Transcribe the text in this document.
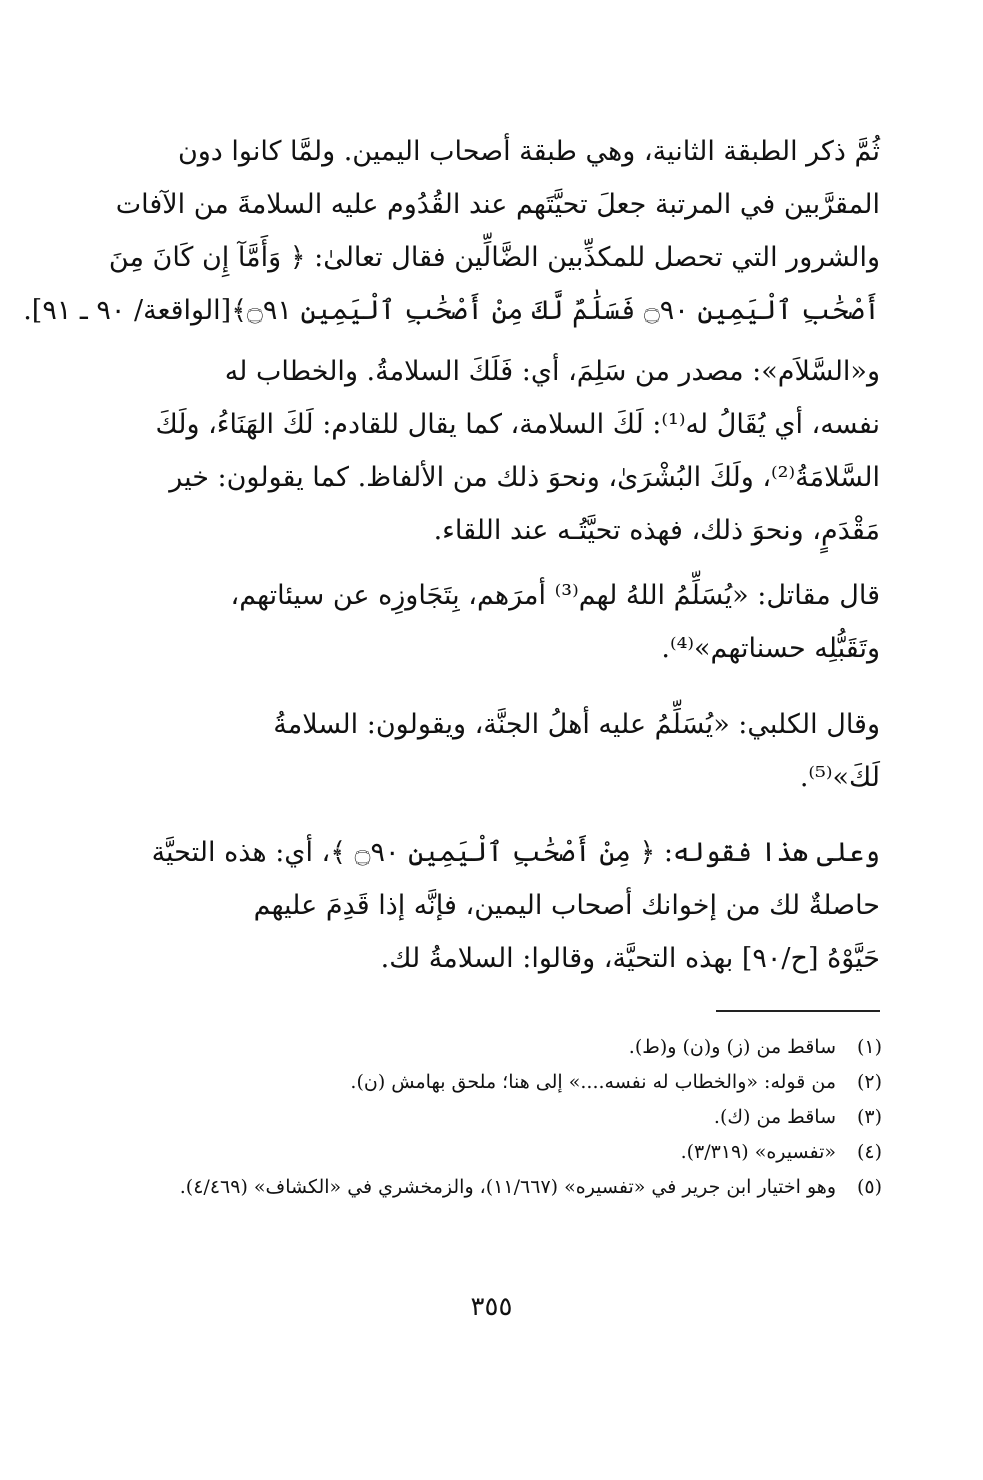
ثُمَّ ذكر الطبقة الثانية، وهي طبقة أصحاب اليمين. ولمَّا كانوا دون
المقرَّبين في المرتبة جعلَ تحيَّتَهم عند القُدُوم عليه السلامةَ من الآفات
والشرور التي تحصل للمكذِّبين الضَّالِّين فقال تعالىٰ: ﴿ وَأَمَّآ إِن كَانَ مِنَ
أَصْحَٰبِ ٱلْيَمِينِ ۝٩٠ فَسَلَٰمٌ لَّكَ مِنْ أَصْحَٰبِ ٱلْيَمِينِ ۝٩١﴾[الواقعة/ ٩٠ ـ ٩١].
و«السَّلاَم»: مصدر من سَلِمَ، أي: فَلَكَ السلامةُ. والخطاب له
نفسه، أي يُقَالُ له⁽¹⁾: لَكَ السلامة، كما يقال للقادم: لَكَ الهَنَاءُ، ولَكَ
السَّلامَةُ⁽²⁾، ولَكَ البُشْرَىٰ، ونحوَ ذلك من الألفاظ. كما يقولون: خير
مَقْدَمٍ، ونحوَ ذلك، فهذه تحيَّتُـه عند اللقاء.
قال مقاتل: «يُسَلِّمُ اللهُ لهم⁽³⁾ أمرَهم، بِتَجَاوزِه عن سيئاتهم،
وتَقَبُّلِه حسناتهم»⁽⁴⁾.
وقال الكلبي: «يُسَلِّمُ عليه أهلُ الجنَّة، ويقولون: السلامةُ
لَكَ»⁽⁵⁾.
وعلى هذا فقوله: ﴿ مِنْ أَصْحَٰبِ ٱلْيَمِينِ ۝٩٠ ﴾، أي: هذه التحيَّة
حاصلةٌ لك من إخوانك أصحاب اليمين، فإنَّه إذا قَدِمَ عليهم
حَيَّوْهُ [ح/٩٠] بهذه التحيَّة، وقالوا: السلامةُ لك.
(١)
ساقط من (ز) و(ن) و(ط).
(٢)
من قوله: «والخطاب له نفسه....» إلى هنا؛ ملحق بهامش (ن).
(٣)
ساقط من (ك).
(٤)
«تفسيره» (٣/٣١٩).
(٥)
وهو اختيار ابن جرير في «تفسيره» (١١/٦٦٧)، والزمخشري في «الكشاف» (٤/٤٦٩).
٣٥٥
